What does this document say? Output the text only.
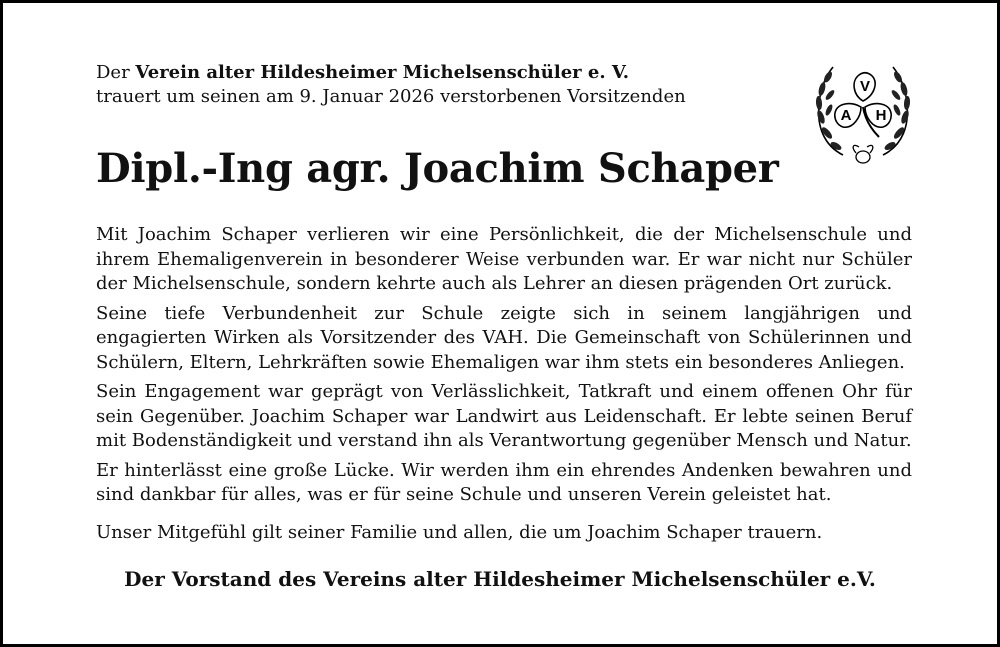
Der Verein alter Hildesheimer Michelsenschüler e. V.
trauert um seinen am 9. Januar 2026 verstorbenen Vorsitzenden	V
A H
Dipl.-Ing agr. Joachim Schaper

Mit Joachim Schaper verlieren wir eine Persönlichkeit, die der Michelsenschule und ihrem Ehemaligenverein in besonderer Weise verbunden war. Er war nicht nur Schüler der Michelsenschule, sondern kehrte auch als Lehrer an diesen prägenden Ort zurück.

Seine tiefe Verbundenheit zur Schule zeigte sich in seinem langjährigen und engagierten Wirken als Vorsitzender des VAH. Die Gemeinschaft von Schülerinnen und Schülern, Eltern, Lehrkräften sowie Ehemaligen war ihm stets ein besonderes Anliegen.

Sein Engagement war geprägt von Verlässlichkeit, Tatkraft und einem offenen Ohr für sein Gegenüber. Joachim Schaper war Landwirt aus Leidenschaft. Er lebte seinen Beruf mit Bodenständigkeit und verstand ihn als Verantwortung gegenüber Mensch und Natur.

Er hinterlässt eine große Lücke. Wir werden ihm ein ehrendes Andenken bewahren und sind dankbar für alles, was er für seine Schule und unseren Verein geleistet hat.

Unser Mitgefühl gilt seiner Familie und allen, die um Joachim Schaper trauern.
Der Vorstand des Vereins alter Hildesheimer Michelsenschüler e.V.
